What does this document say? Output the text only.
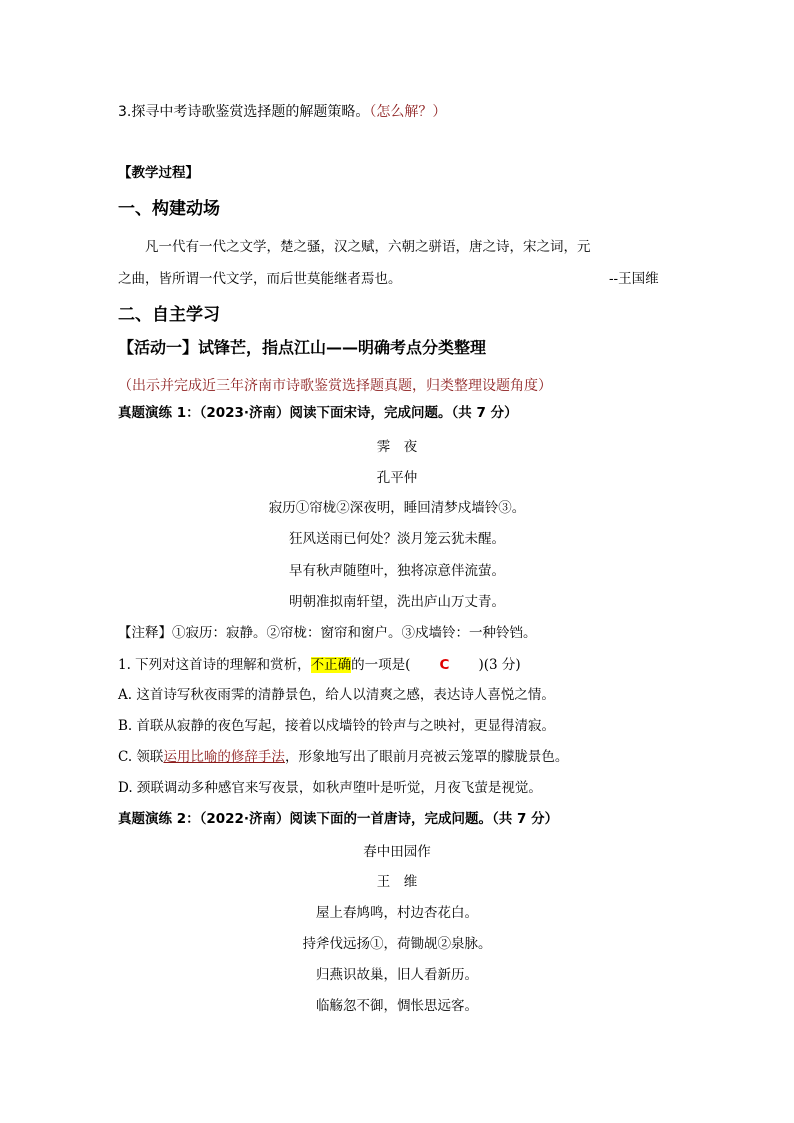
3.探寻中考诗歌鉴赏选择题的解题策略。（怎么解？）
【教学过程】
一、构建动场
凡一代有一代之文学，楚之骚，汉之赋，六朝之骈语，唐之诗，宋之词，元
之曲，皆所谓一代文学，而后世莫能继者焉也。	--王国维
二、自主学习
【活动一】试锋芒，指点江山——明确考点分类整理
（出示并完成近三年济南市诗歌鉴赏选择题真题，归类整理设题角度）
真题演练 1：（2023·济南）阅读下面宋诗，完成问题。（共 7 分）
霁　夜
孔平仲
寂历①帘栊②深夜明，睡回清梦戍墙铃③。
狂风送雨已何处？淡月笼云犹未醒。
早有秋声随堕叶，独将凉意伴流萤。
明朝准拟南轩望，洗出庐山万丈青。
【注释】①寂历：寂静。②帘栊：窗帘和窗户。③戍墙铃：一种铃铛。
1. 下列对这首诗的理解和赏析，不正确的一项是( C )(3 分)
A. 这首诗写秋夜雨霁的清静景色，给人以清爽之感，表达诗人喜悦之情。
B. 首联从寂静的夜色写起，接着以戍墙铃的铃声与之映衬，更显得清寂。
C. 领联运用比喻的修辞手法，形象地写出了眼前月亮被云笼罩的朦胧景色。
D. 颈联调动多种感官来写夜景，如秋声堕叶是听觉，月夜飞萤是视觉。
真题演练 2：（2022·济南）阅读下面的一首唐诗，完成问题。（共 7 分）
春中田园作
王　维
屋上春鸠鸣，村边杏花白。
持斧伐远扬①，荷锄觇②泉脉。
归燕识故巢，旧人看新历。
临觞忽不御，惆怅思远客。
